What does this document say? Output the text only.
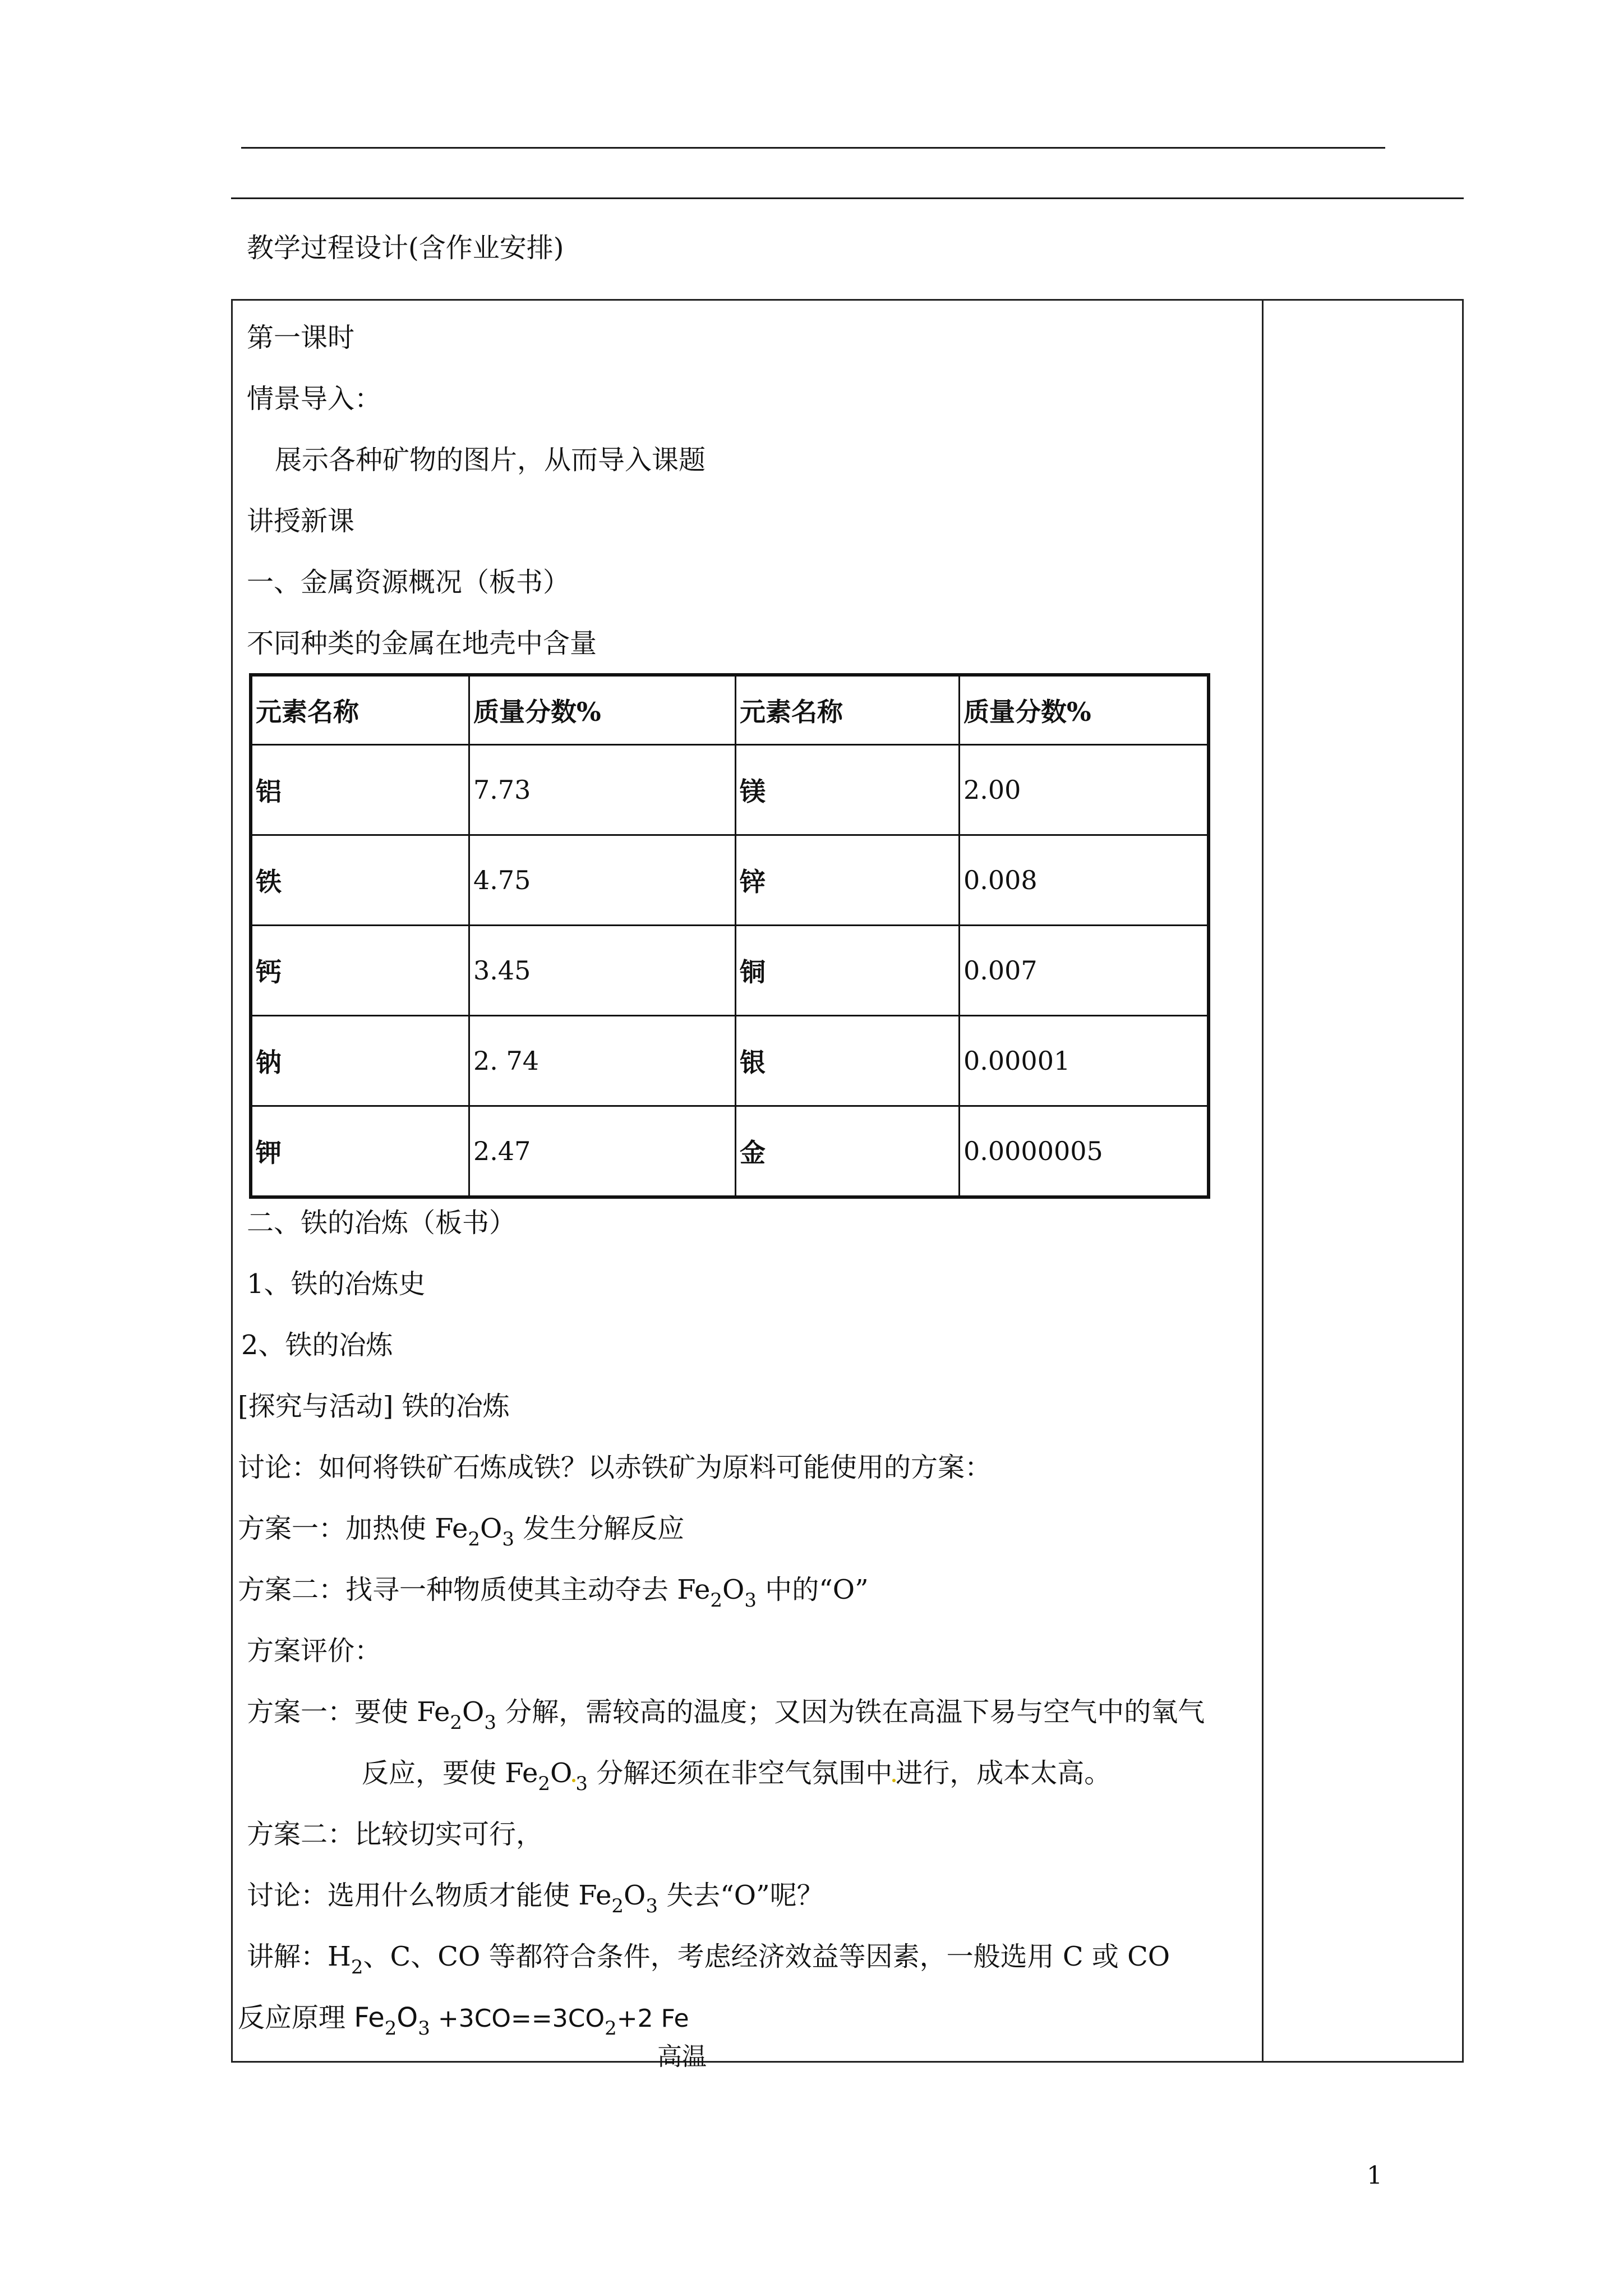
教学过程设计(含作业安排)
第一课时
情景导入：
展示各种矿物的图片，从而导入课题
讲授新课
一、金属资源概况（板书）
不同种类的金属在地壳中含量
元素名称	质量分数%	元素名称	质量分数%
铝	7.73	镁	2.00
铁	4.75	锌	0.008
钙	3.45	铜	0.007
钠	2. 74	银	0.00001
钾	2.47	金	0.0000005
二、铁的冶炼（板书）
1、铁的冶炼史
2、铁的冶炼
[探究与活动] 铁的冶炼
讨论：如何将铁矿石炼成铁？以赤铁矿为原料可能使用的方案：
方案一：加热使 $Fe_2O_3$ 发生分解反应
方案二：找寻一种物质使其主动夺去 $Fe_2O_3$ 中的“O”
方案评价：
方案一：要使 $Fe_2O_3$ 分解，需较高的温度；又因为铁在高温下易与空气中的氧气
反应，要使 $Fe_2O$ $_3$ 分解还须在非空气氛围中 进行，成本太高。
方案二：比较切实可行，
讨论：选用什么物质才能使 $Fe_2O_3$ 失去“O”呢？
讲解：$H_2$、C、CO 等都符合条件，考虑经济效益等因素，一般选用 C 或 CO
反应原理 $Fe_2O_3 +3CO==3CO_2+2$ Fe
高温
1
